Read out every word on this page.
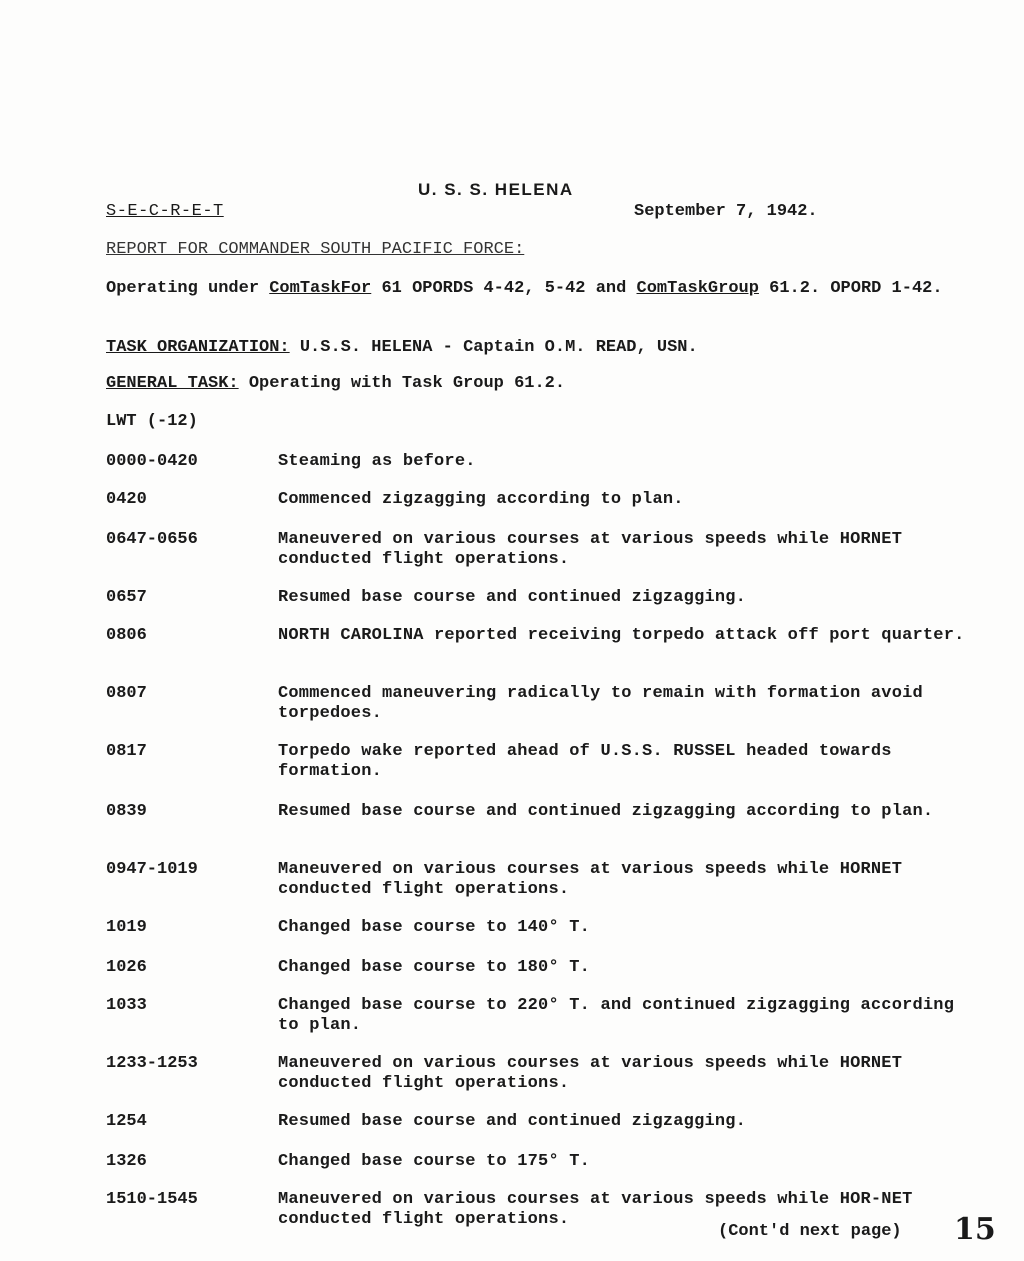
U. S. S. HELENA
S-E-C-R-E-T	September 7, 1942.
REPORT FOR COMMANDER SOUTH PACIFIC FORCE:
Operating under ComTaskFor 61 OPORDS 4-42, 5-42 and ComTaskGroup 61.2. OPORD 1-42.
TASK ORGANIZATION: U.S.S. HELENA - Captain O.M. READ, USN.
GENERAL TASK: Operating with Task Group 61.2.
LWT (-12)
0000-0420	Steaming as before.
0420	Commenced zigzagging according to plan.
0647-0656	Maneuvered on various courses at various speeds while HORNET conducted flight operations.
0657	Resumed base course and continued zigzagging.
0806	NORTH CAROLINA reported receiving torpedo attack off port quarter.
0807	Commenced maneuvering radically to remain with formation avoid torpedoes.
0817	Torpedo wake reported ahead of U.S.S. RUSSEL headed towards formation.
0839	Resumed base course and continued zigzagging according to plan.
0947-1019	Maneuvered on various courses at various speeds while HORNET conducted flight operations.
1019	Changed base course to 140° T.
1026	Changed base course to 180° T.
1033	Changed base course to 220° T. and continued zigzagging according to plan.
1233-1253	Maneuvered on various courses at various speeds while HORNET conducted flight operations.
1254	Resumed base course and continued zigzagging.
1326	Changed base course to 175° T.
1510-1545	Maneuvered on various courses at various speeds while HOR-NET conducted flight operations.
(Cont'd next page) 15
